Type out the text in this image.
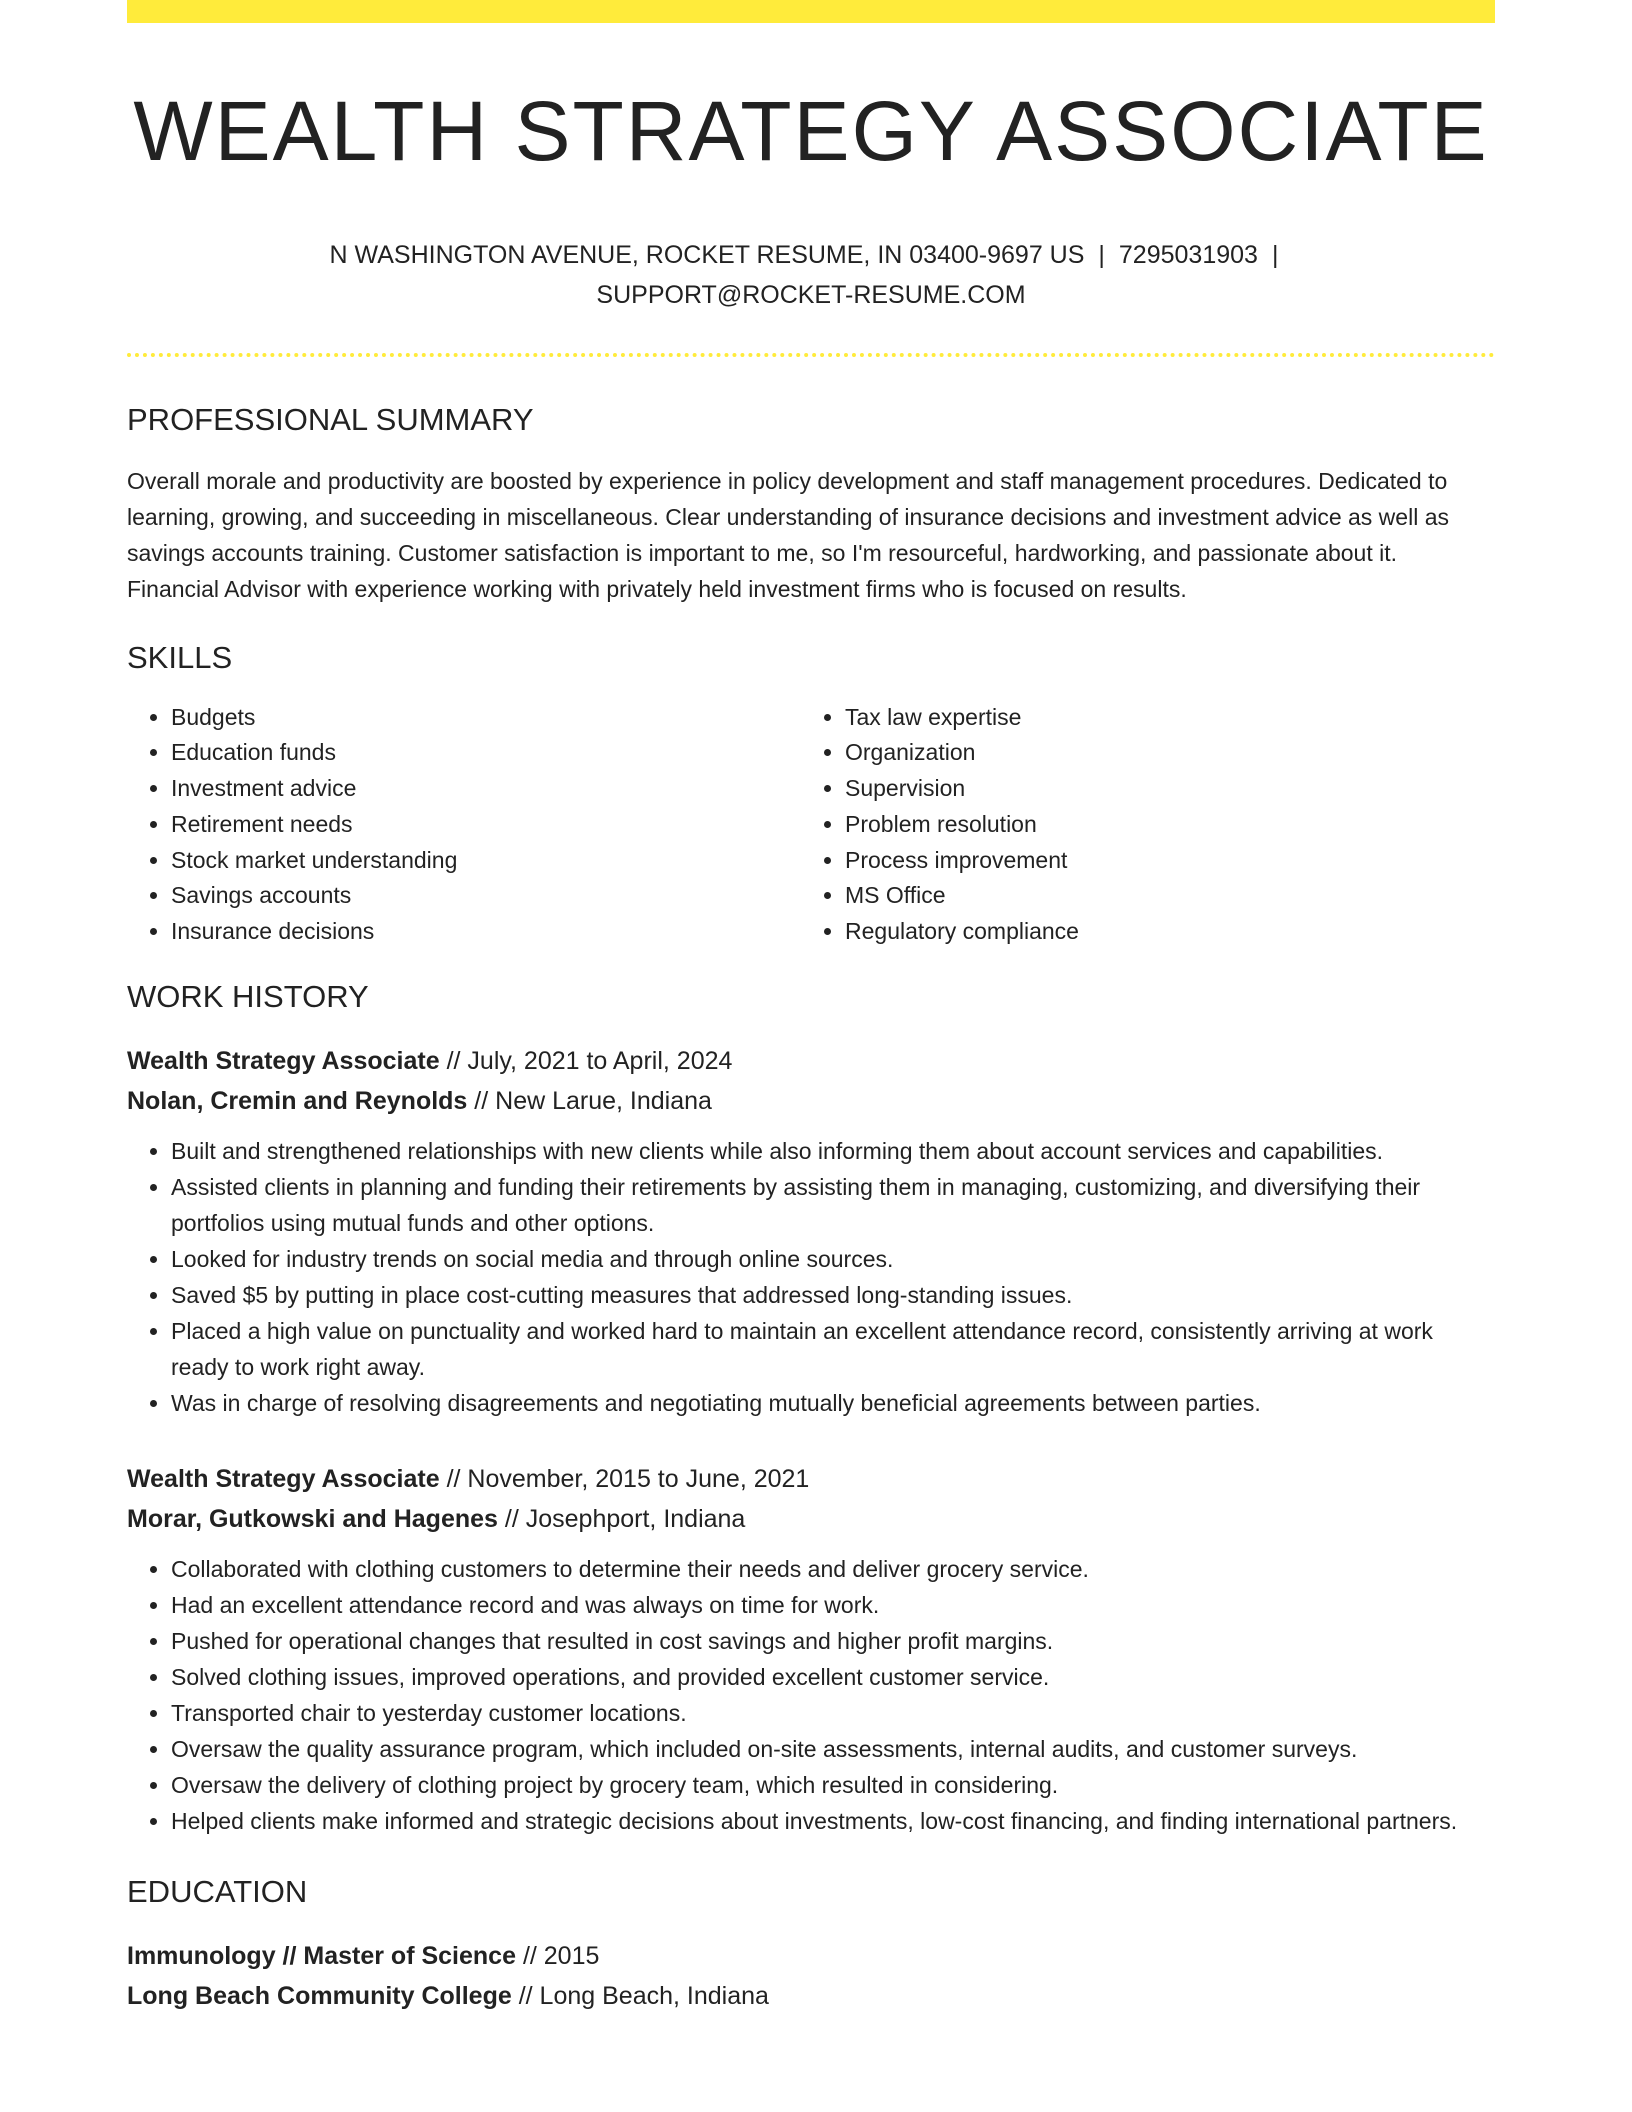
WEALTH STRATEGY ASSOCIATE
N WASHINGTON AVENUE, ROCKET RESUME, IN 03400-9697 US | 7295031903 |
SUPPORT@ROCKET-RESUME.COM
PROFESSIONAL SUMMARY

Overall morale and productivity are boosted by experience in policy development and staff management procedures. Dedicated to learning, growing, and succeeding in miscellaneous. Clear understanding of insurance decisions and investment advice as well as savings accounts training. Customer satisfaction is important to me, so I'm resourceful, hardworking, and passionate about it. Financial Advisor with experience working with privately held investment firms who is focused on results.

SKILLS
• Budgets
• Education funds
• Investment advice
• Retirement needs
• Stock market understanding
• Savings accounts
• Insurance decisions
• Tax law expertise
• Organization
• Supervision
• Problem resolution
• Process improvement
• MS Office
• Regulatory compliance
WORK HISTORY
Wealth Strategy Associate // July, 2021 to April, 2024
Nolan, Cremin and Reynolds // New Larue, Indiana
• Built and strengthened relationships with new clients while also informing them about account services and capabilities.
• Assisted clients in planning and funding their retirements by assisting them in managing, customizing, and diversifying their portfolios using mutual funds and other options.
• Looked for industry trends on social media and through online sources.
• Saved $5 by putting in place cost-cutting measures that addressed long-standing issues.
• Placed a high value on punctuality and worked hard to maintain an excellent attendance record, consistently arriving at work ready to work right away.
• Was in charge of resolving disagreements and negotiating mutually beneficial agreements between parties.
Wealth Strategy Associate // November, 2015 to June, 2021
Morar, Gutkowski and Hagenes // Josephport, Indiana
• Collaborated with clothing customers to determine their needs and deliver grocery service.
• Had an excellent attendance record and was always on time for work.
• Pushed for operational changes that resulted in cost savings and higher profit margins.
• Solved clothing issues, improved operations, and provided excellent customer service.
• Transported chair to yesterday customer locations.
• Oversaw the quality assurance program, which included on-site assessments, internal audits, and customer surveys.
• Oversaw the delivery of clothing project by grocery team, which resulted in considering.
• Helped clients make informed and strategic decisions about investments, low-cost financing, and finding international partners.
EDUCATION
Immunology // Master of Science // 2015
Long Beach Community College // Long Beach, Indiana
